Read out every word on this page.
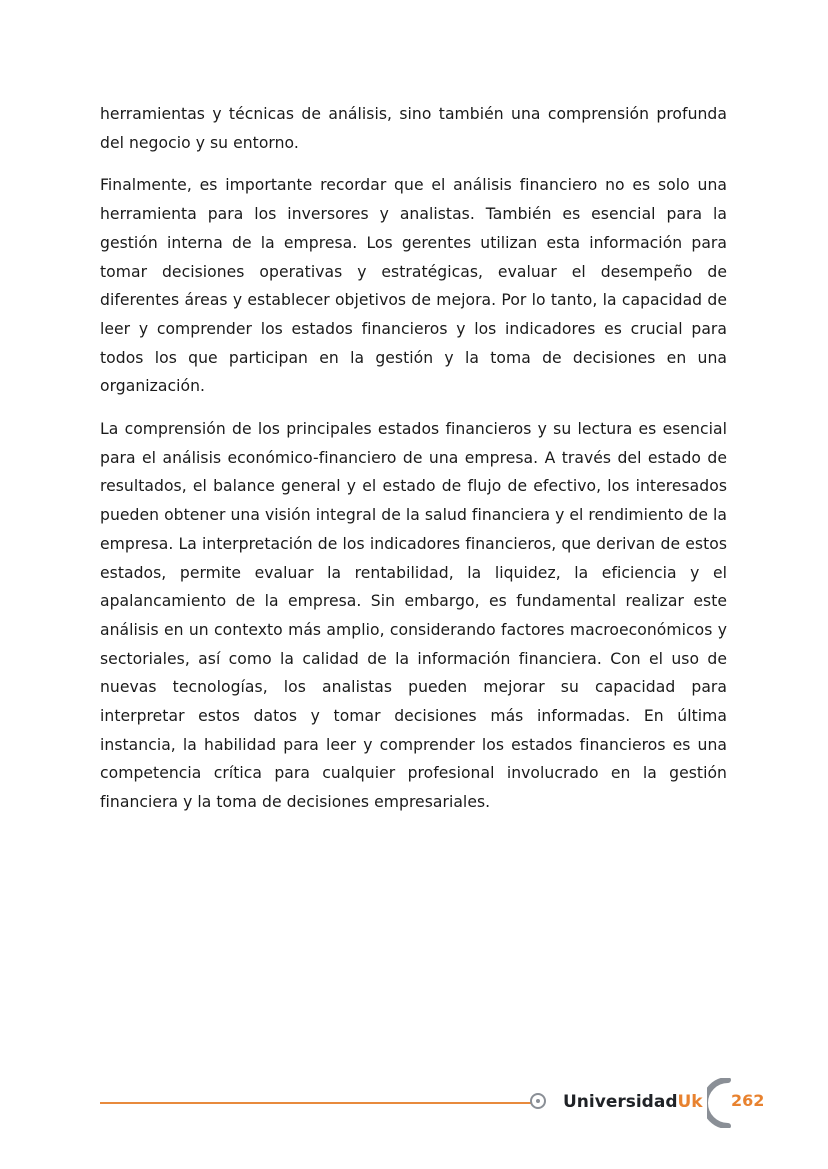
herramientas y técnicas de análisis, sino también una comprensión profunda del negocio y su entorno.

Finalmente, es importante recordar que el análisis financiero no es solo una herramienta para los inversores y analistas. También es esencial para la gestión interna de la empresa. Los gerentes utilizan esta información para tomar decisiones operativas y estratégicas, evaluar el desempeño de diferentes áreas y establecer objetivos de mejora. Por lo tanto, la capacidad de leer y comprender los estados financieros y los indicadores es crucial para todos los que participan en la gestión y la toma de decisiones en una organización.

La comprensión de los principales estados financieros y su lectura es esencial para el análisis económico-financiero de una empresa. A través del estado de resultados, el balance general y el estado de flujo de efectivo, los interesados pueden obtener una visión integral de la salud financiera y el rendimiento de la empresa. La interpretación de los indicadores financieros, que derivan de estos estados, permite evaluar la rentabilidad, la liquidez, la eficiencia y el apalancamiento de la empresa. Sin embargo, es fundamental realizar este análisis en un contexto más amplio, considerando factores macroeconómicos y sectoriales, así como la calidad de la información financiera. Con el uso de nuevas tecnologías, los analistas pueden mejorar su capacidad para interpretar estos datos y tomar decisiones más informadas. En última instancia, la habilidad para leer y comprender los estados financieros es una competencia crítica para cualquier profesional involucrado en la gestión financiera y la toma de decisiones empresariales.

UniversidadUk 262
